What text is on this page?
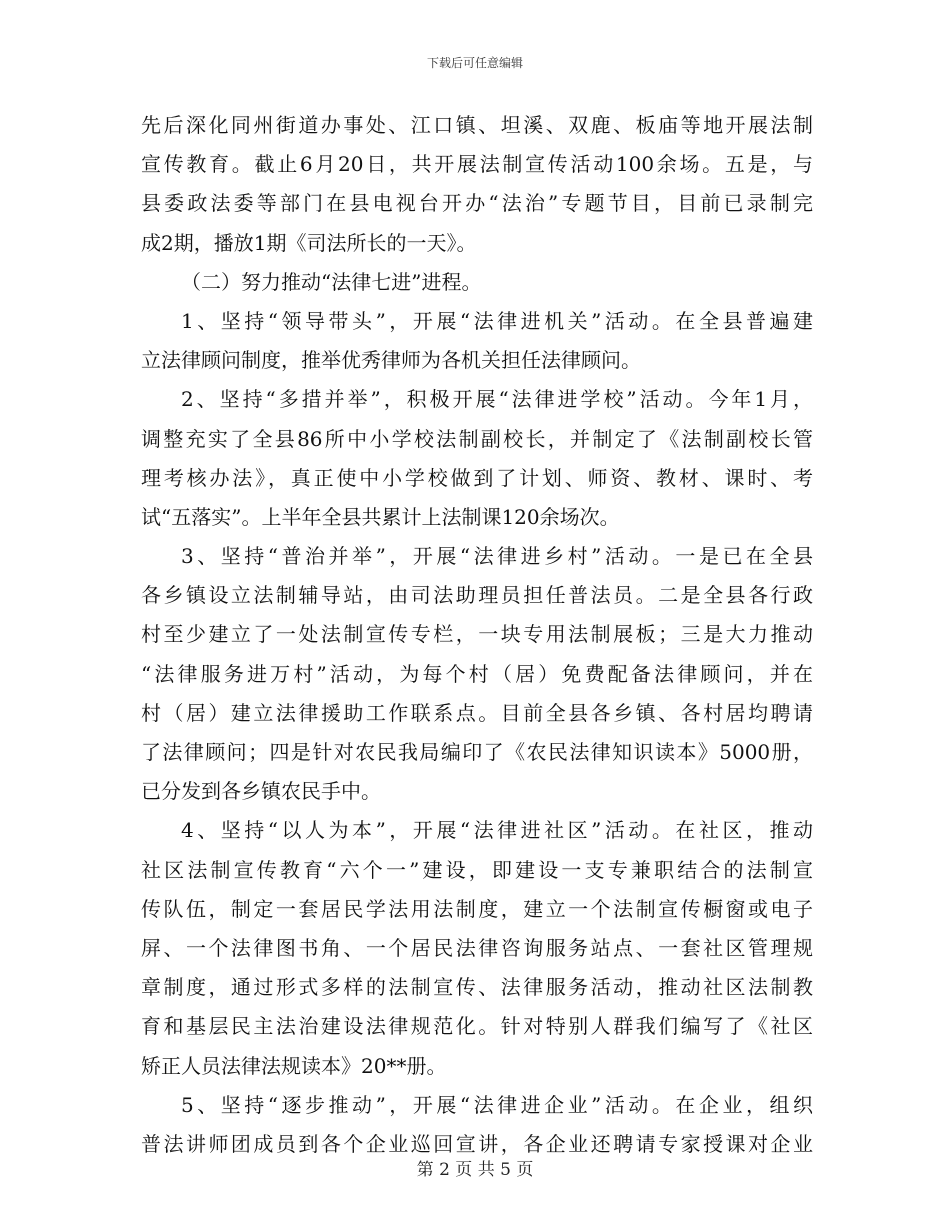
下载后可任意编辑
先后深化同州街道办事处、江口镇、坦溪、双鹿、板庙等地开展法制
宣传教育。截止6月20日，共开展法制宣传活动100余场。五是，与
县委政法委等部门在县电视台开办“法治”专题节目，目前已录制完
成2期，播放1期《司法所长的一天》。
（二）努力推动“法律七进”进程。
1、坚持“领导带头”，开展“法律进机关”活动。在全县普遍建
立法律顾问制度，推举优秀律师为各机关担任法律顾问。
2、坚持“多措并举”，积极开展“法律进学校”活动。今年1月，
调整充实了全县86所中小学校法制副校长，并制定了《法制副校长管
理考核办法》，真正使中小学校做到了计划、师资、教材、课时、考
试“五落实”。上半年全县共累计上法制课120余场次。
3、坚持“普治并举”，开展“法律进乡村”活动。一是已在全县
各乡镇设立法制辅导站，由司法助理员担任普法员。二是全县各行政
村至少建立了一处法制宣传专栏，一块专用法制展板；三是大力推动
“法律服务进万村”活动，为每个村（居）免费配备法律顾问，并在
村（居）建立法律援助工作联系点。目前全县各乡镇、各村居均聘请
了法律顾问；四是针对农民我局编印了《农民法律知识读本》5000册，
已分发到各乡镇农民手中。
4、坚持“以人为本”，开展“法律进社区”活动。在社区，推动
社区法制宣传教育“六个一”建设，即建设一支专兼职结合的法制宣
传队伍，制定一套居民学法用法制度，建立一个法制宣传橱窗或电子
屏、一个法律图书角、一个居民法律咨询服务站点、一套社区管理规
章制度，通过形式多样的法制宣传、法律服务活动，推动社区法制教
育和基层民主法治建设法律规范化。针对特别人群我们编写了《社区
矫正人员法律法规读本》20**册。
5、坚持“逐步推动”，开展“法律进企业”活动。在企业，组织
普法讲师团成员到各个企业巡回宣讲，各企业还聘请专家授课对企业
第 2 页 共 5 页
